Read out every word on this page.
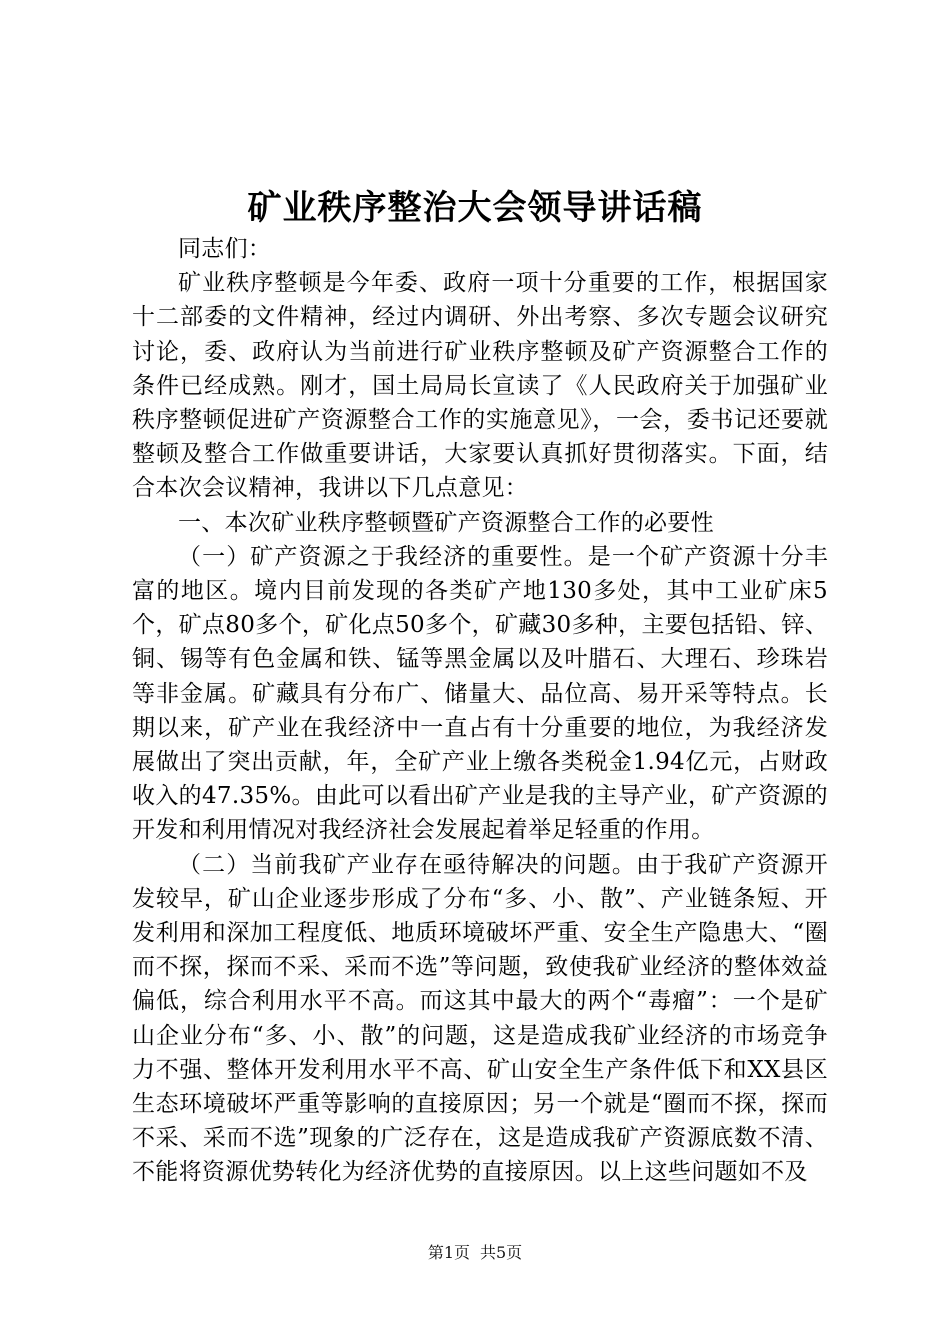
矿业秩序整治大会领导讲话稿

同志们：

矿业秩序整顿是今年委、政府一项十分重要的工作，根据国家十二部委的文件精神，经过内调研、外出考察、多次专题会议研究讨论，委、政府认为当前进行矿业秩序整顿及矿产资源整合工作的条件已经成熟。刚才，国土局局长宣读了《人民政府关于加强矿业秩序整顿促进矿产资源整合工作的实施意见》，一会，委书记还要就整顿及整合工作做重要讲话，大家要认真抓好贯彻落实。下面，结合本次会议精神，我讲以下几点意见：

一、本次矿业秩序整顿暨矿产资源整合工作的必要性

（一）矿产资源之于我经济的重要性。是一个矿产资源十分丰富的地区。境内目前发现的各类矿产地130多处，其中工业矿床5个，矿点80多个，矿化点50多个，矿藏30多种，主要包括铅、锌、铜、锡等有色金属和铁、锰等黑金属以及叶腊石、大理石、珍珠岩等非金属。矿藏具有分布广、储量大、品位高、易开采等特点。长期以来，矿产业在我经济中一直占有十分重要的地位，为我经济发展做出了突出贡献，年，全矿产业上缴各类税金1.94亿元，占财政收入的47.35%。由此可以看出矿产业是我的主导产业，矿产资源的开发和利用情况对我经济社会发展起着举足轻重的作用。

（二）当前我矿产业存在亟待解决的问题。由于我矿产资源开发较早，矿山企业逐步形成了分布“多、小、散”、产业链条短、开发利用和深加工程度低、地质环境破坏严重、安全生产隐患大、“圈而不探，探而不采、采而不选”等问题，致使我矿业经济的整体效益偏低，综合利用水平不高。而这其中最大的两个“毒瘤”：一个是矿山企业分布“多、小、散”的问题，这是造成我矿业经济的市场竞争力不强、整体开发利用水平不高、矿山安全生产条件低下和XX县区生态环境破坏严重等影响的直接原因；另一个就是“圈而不探，探而不采、采而不选”现象的广泛存在，这是造成我矿产资源底数不清、不能将资源优势转化为经济优势的直接原因。以上这些问题如不及

第1页 共5页
